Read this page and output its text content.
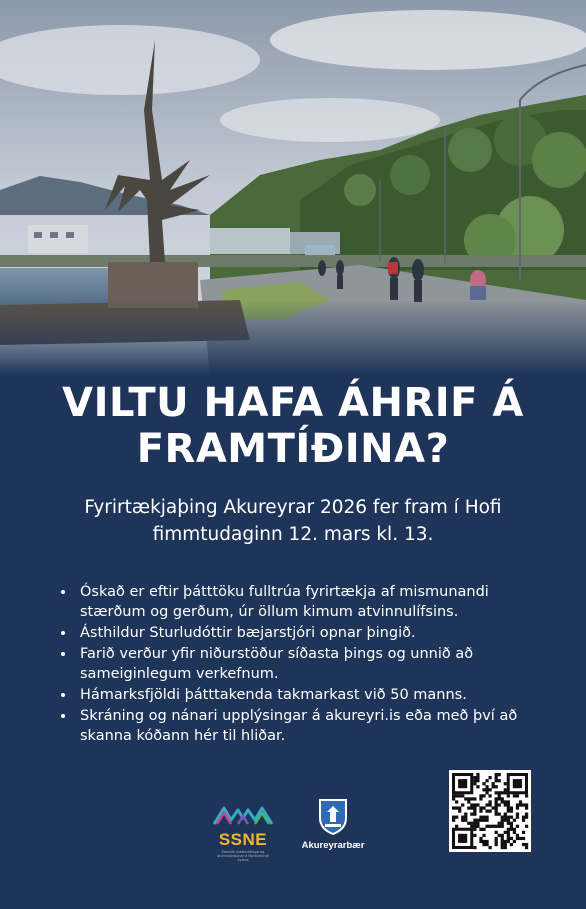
VILTU HAFA ÁHRIF Á
FRAMTÍÐINA?
Fyrirtækjaþing Akureyrar 2026 fer fram í Hofi
fimmtudaginn 12. mars kl. 13.
• Óskað er eftir þátttöku fulltrúa fyrirtækja af mismunandi stærðum og gerðum, úr öllum kimum atvinnulífsins.
• Ásthildur Sturludóttir bæjarstjóri opnar þingið.
• Farið verður yfir niðurstöður síðasta þings og unnið að sameiginlegum verkefnum.
• Hámarksfjöldi þátttakenda takmarkast við 50 manns.
• Skráning og nánari upplýsingar á akureyri.is eða með því að skanna kóðann hér til hliðar.
SSNE
Samtök sveitarfélaga og atvinnuþróunar á Norðurlandi eystra
Akureyrarbær
